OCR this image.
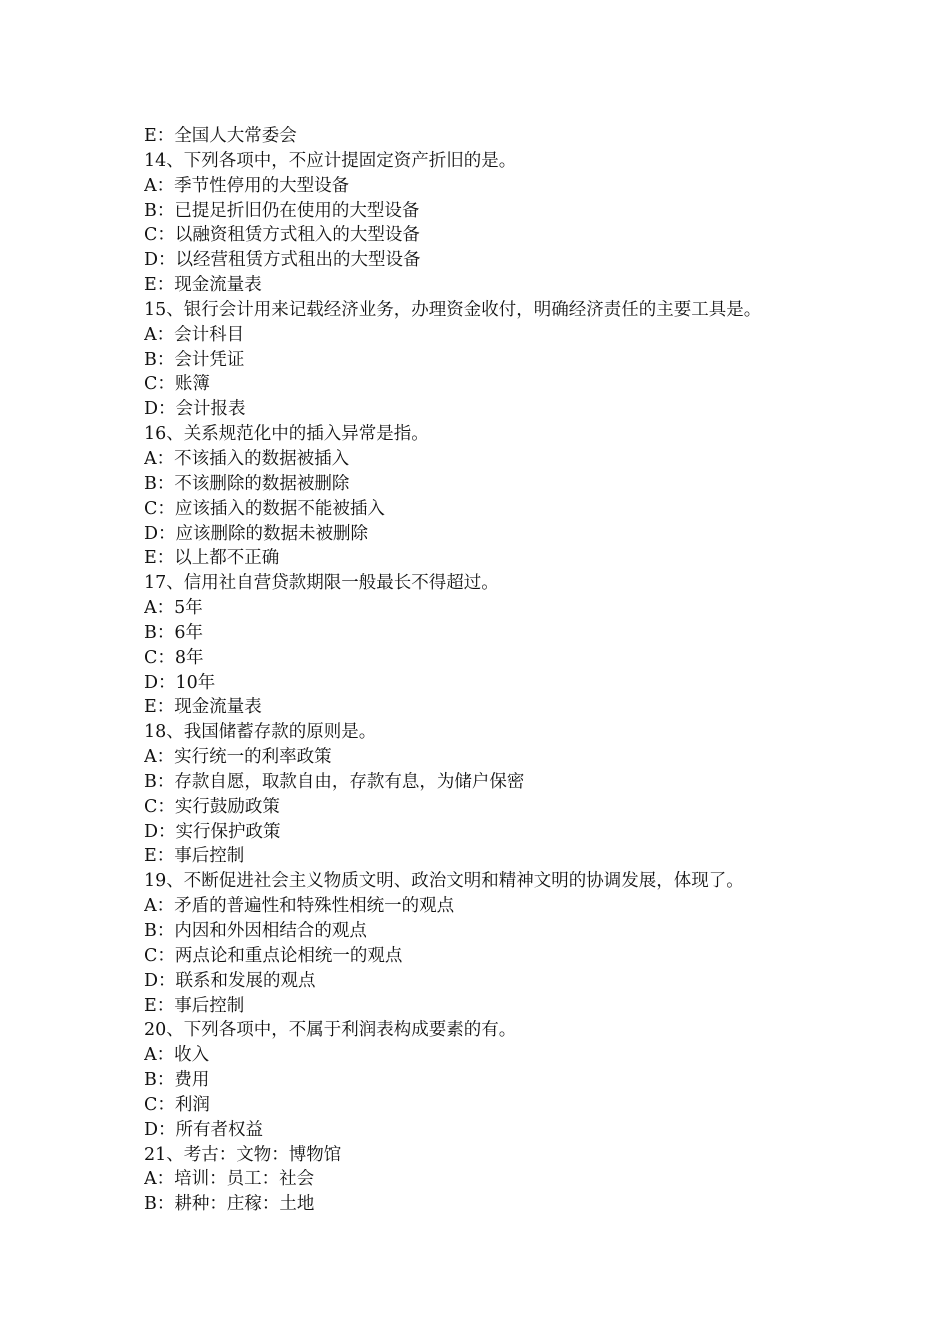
E：全国人大常委会
14、下列各项中，不应计提固定资产折旧的是。
A：季节性停用的大型设备
B：已提足折旧仍在使用的大型设备
C：以融资租赁方式租入的大型设备
D：以经营租赁方式租出的大型设备
E：现金流量表
15、银行会计用来记载经济业务，办理资金收付，明确经济责任的主要工具是。
A：会计科目
B：会计凭证
C：账簿
D：会计报表
16、关系规范化中的插入异常是指。
A：不该插入的数据被插入
B：不该删除的数据被删除
C：应该插入的数据不能被插入
D：应该删除的数据未被删除
E：以上都不正确
17、信用社自营贷款期限一般最长不得超过。
A：5年
B：6年
C：8年
D：10年
E：现金流量表
18、我国储蓄存款的原则是。
A：实行统一的利率政策
B：存款自愿，取款自由，存款有息，为储户保密
C：实行鼓励政策
D：实行保护政策
E：事后控制
19、不断促进社会主义物质文明、政治文明和精神文明的协调发展，体现了。
A：矛盾的普遍性和特殊性相统一的观点
B：内因和外因相结合的观点
C：两点论和重点论相统一的观点
D：联系和发展的观点
E：事后控制
20、下列各项中，不属于利润表构成要素的有。
A：收入
B：费用
C：利润
D：所有者权益
21、考古：文物：博物馆
A：培训：员工：社会
B：耕种：庄稼：土地
